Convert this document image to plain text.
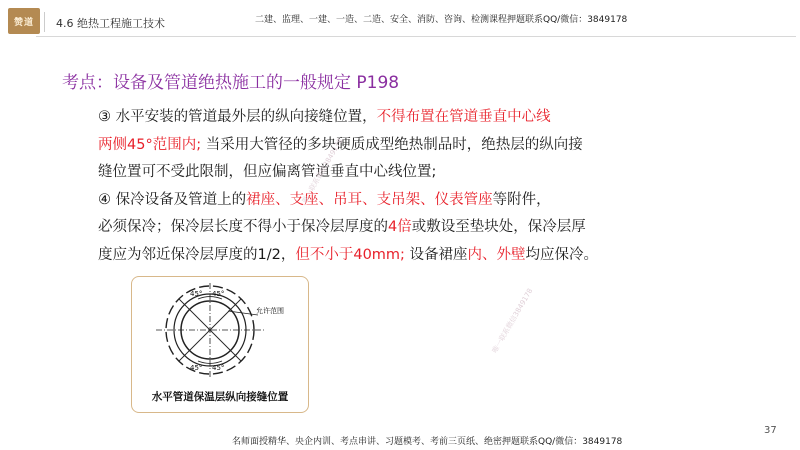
赞道	4.6 绝热工程施工技术	二建、监理、一建、一造、二造、安全、消防、咨询、检测课程押题联系QQ/微信：3849178
考点：设备及管道绝热施工的一般规定 P198
③ 水平安装的管道最外层的纵向接缝位置，不得布置在管道垂直中心线
两侧45°范围内; 当采用大管径的多块硬质成型绝热制品时，绝热层的纵向接
缝位置可不受此限制，但应偏离管道垂直中心线位置;
④ 保冷设备及管道上的裙座、支座、吊耳、支吊架、仪表管座等附件，
必须保冷；保冷层长度不得小于保冷层厚度的4倍或敷设至垫块处，保冷层厚
度应为邻近保冷层厚度的1/2，但不小于40mm; 设备裙座内、外壁均应保冷。
45° 45°
45° 45°
允许范围
水平管道保温层纵向接缝位置
唯一联系微信3849178
唯一联系微信3849178
37
名师面授精华、央企内训、考点串讲、习题模考、考前三页纸、绝密押题联系QQ/微信：3849178
